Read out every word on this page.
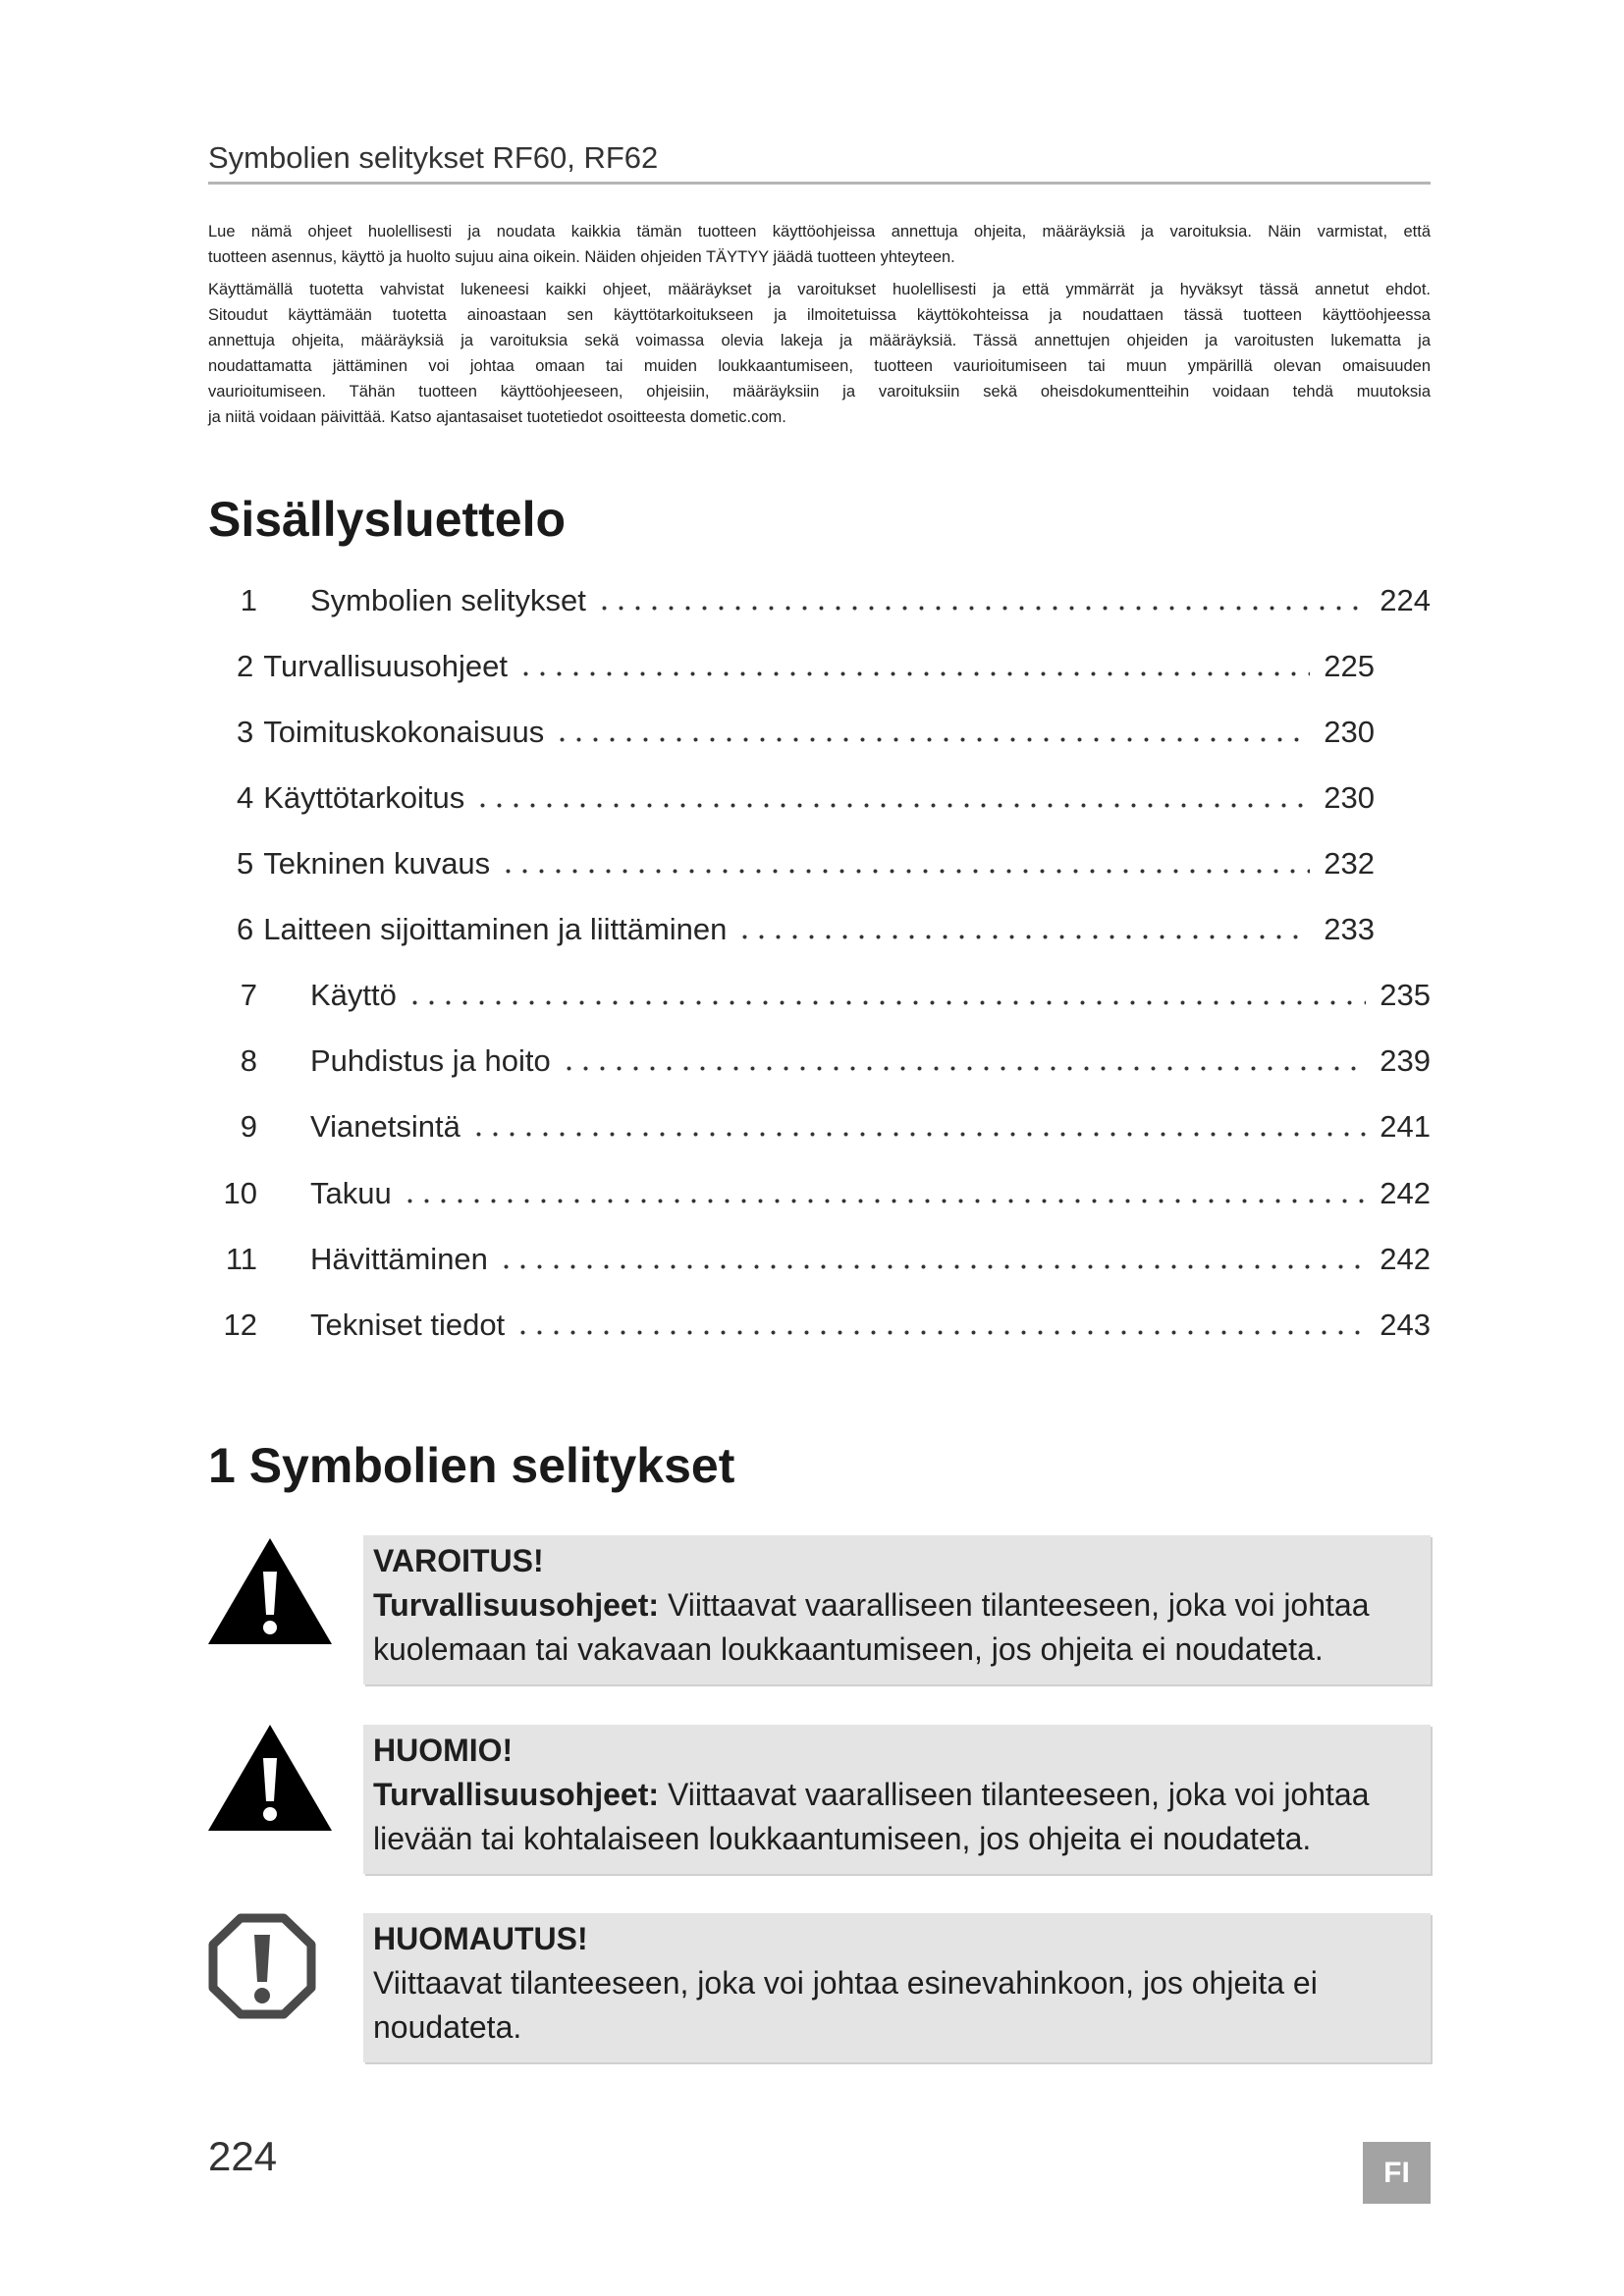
Symbolien selitykset RF60, RF62
Lue nämä ohjeet huolellisesti ja noudata kaikkia tämän tuotteen käyttöohjeissa annettuja ohjeita, määräyksiä ja varoituksia. Näin varmistat, että
tuotteen asennus, käyttö ja huolto sujuu aina oikein. Näiden ohjeiden TÄYTYY jäädä tuotteen yhteyteen.
Käyttämällä tuotetta vahvistat lukeneesi kaikki ohjeet, määräykset ja varoitukset huolellisesti ja että ymmärrät ja hyväksyt tässä annetut ehdot.
Sitoudut käyttämään tuotetta ainoastaan sen käyttötarkoitukseen ja ilmoitetuissa käyttökohteissa ja noudattaen tässä tuotteen käyttöohjeessa
annettuja ohjeita, määräyksiä ja varoituksia sekä voimassa olevia lakeja ja määräyksiä. Tässä annettujen ohjeiden ja varoitusten lukematta ja
noudattamatta jättäminen voi johtaa omaan tai muiden loukkaantumiseen, tuotteen vaurioitumiseen tai muun ympärillä olevan omaisuuden
vaurioitumiseen. Tähän tuotteen käyttöohjeeseen, ohjeisiin, määräyksiin ja varoituksiin sekä oheisdokumentteihin voidaan tehdä muutoksia
ja niitä voidaan päivittää. Katso ajantasaiset tuotetiedot osoitteesta dometic.com.
Sisällysluettelo
1 Symbolien selitykset	224
2 Turvallisuusohjeet	225
3 Toimituskokonaisuus	230
4 Käyttötarkoitus	230
5 Tekninen kuvaus	232
6 Laitteen sijoittaminen ja liittäminen	233
7 Käyttö	235
8 Puhdistus ja hoito	239
9 Vianetsintä	241
10 Takuu	242
11 Hävittäminen	242
12 Tekniset tiedot	243
1 Symbolien selitykset
VAROITUS!
Turvallisuusohjeet: Viittaavat vaaralliseen tilanteeseen, joka voi johtaa
kuolemaan tai vakavaan loukkaantumiseen, jos ohjeita ei noudateta.
HUOMIO!
Turvallisuusohjeet: Viittaavat vaaralliseen tilanteeseen, joka voi johtaa
lievään tai kohtalaiseen loukkaantumiseen, jos ohjeita ei noudateta.
HUOMAUTUS!
Viittaavat tilanteeseen, joka voi johtaa esinevahinkoon, jos ohjeita ei
noudateta.
224	FI
